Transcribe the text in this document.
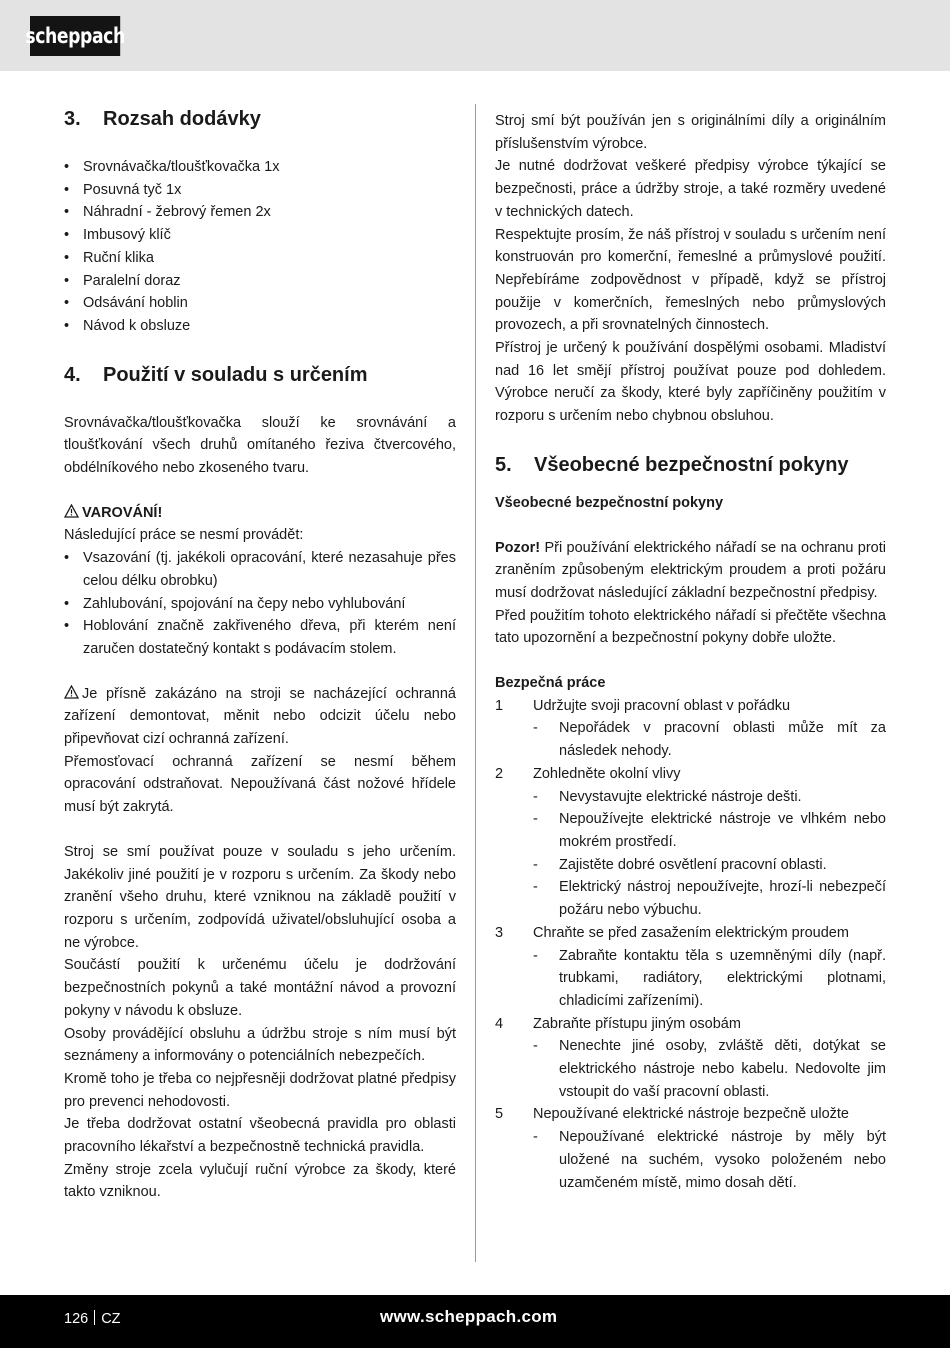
scheppach
3.	Rozsah dodávky
• Srovnávačka/tloušťkovačka 1x
• Posuvná tyč 1x
• Náhradní - žebrový řemen 2x
• Imbusový klíč
• Ruční klika
• Paralelní doraz
• Odsávání hoblin
• Návod k obsluze
4.	Použití v souladu s určením

Srovnávačka/tloušťkovačka slouží ke srovnávání a tloušťkování všech druhů omítaného řeziva čtvercového, obdélníkového nebo zkoseného tvaru.

VAROVÁNÍ!

Následující práce se nesmí provádět:

• Vsazování (tj. jakékoli opracování, které nezasahuje přes celou délku obrobku)
• Zahlubování, spojování na čepy nebo vyhlubování
• Hoblování značně zakřiveného dřeva, při kterém není zaručen dostatečný kontakt s podávacím stolem.
Je přísně zakázáno na stroji se nacházející ochranná zařízení demontovat, měnit nebo odcizit účelu nebo připevňovat cizí ochranná zařízení.

Přemosťovací ochranná zařízení se nesmí během opracování odstraňovat. Nepoužívaná část nožové hřídele musí být zakrytá.

Stroj se smí používat pouze v souladu s jeho určením. Jakékoliv jiné použití je v rozporu s určením. Za škody nebo zranění všeho druhu, které vzniknou na základě použití v rozporu s určením, zodpovídá uživatel/obsluhující osoba a ne výrobce.

Součástí použití k určenému účelu je dodržování bezpečnostních pokynů a také montážní návod a provozní pokyny v návodu k obsluze.

Osoby provádějící obsluhu a údržbu stroje s ním musí být seznámeny a informovány o potenciálních nebezpečích.

Kromě toho je třeba co nejpřesněji dodržovat platné předpisy pro prevenci nehodovosti.

Je třeba dodržovat ostatní všeobecná pravidla pro oblasti pracovního lékařství a bezpečnostně technická pravidla.

Změny stroje zcela vylučují ruční výrobce za škody, které takto vzniknou.

Stroj smí být používán jen s originálními díly a originálním příslušenstvím výrobce.

Je nutné dodržovat veškeré předpisy výrobce týkající se bezpečnosti, práce a údržby stroje, a také rozměry uvedené v technických datech.

Respektujte prosím, že náš přístroj v souladu s určením není konstruován pro komerční, řemeslné a průmyslové použití. Nepřebíráme zodpovědnost v případě, když se přístroj použije v komerčních, řemeslných nebo průmyslových provozech, a při srovnatelných činnostech.

Přístroj je určený k používání dospělými osobami. Mladiství nad 16 let smějí přístroj používat pouze pod dohledem. Výrobce neručí za škody, které byly zapříčiněny použitím v rozporu s určením nebo chybnou obsluhou.

5.	Všeobecné bezpečnostní pokyny

Všeobecné bezpečnostní pokyny

Pozor! Při používání elektrického nářadí se na ochranu proti zraněním způsobeným elektrickým proudem a proti požáru musí dodržovat následující základní bezpečnostní předpisy.

Před použitím tohoto elektrického nářadí si přečtěte všechna tato upozornění a bezpečnostní pokyny dobře uložte.

Bezpečná práce

1	Udržujte svoji pracovní oblast v pořádku
-	Nepořádek v pracovní oblasti může mít za následek nehody.
2	Zohledněte okolní vlivy
-	Nevystavujte elektrické nástroje dešti.
-	Nepoužívejte elektrické nástroje ve vlhkém nebo mokrém prostředí.
-	Zajistěte dobré osvětlení pracovní oblasti.
-	Elektrický nástroj nepoužívejte, hrozí-li nebezpečí požáru nebo výbuchu.
3	Chraňte se před zasažením elektrickým proudem
-	Zabraňte kontaktu těla s uzemněnými díly (např. trubkami, radiátory, elektrickými plotnami, chladicími zařízeními).
4	Zabraňte přístupu jiným osobám
-	Nenechte jiné osoby, zvláště děti, dotýkat se elektrického nástroje nebo kabelu. Nedovolte jim vstoupit do vaší pracovní oblasti.
5	Nepoužívané elektrické nástroje bezpečně uložte
-	Nepoužívané elektrické nástroje by měly být uložené na suchém, vysoko položeném nebo uzamčeném místě, mimo dosah dětí.
126 CZ	www.scheppach.com
